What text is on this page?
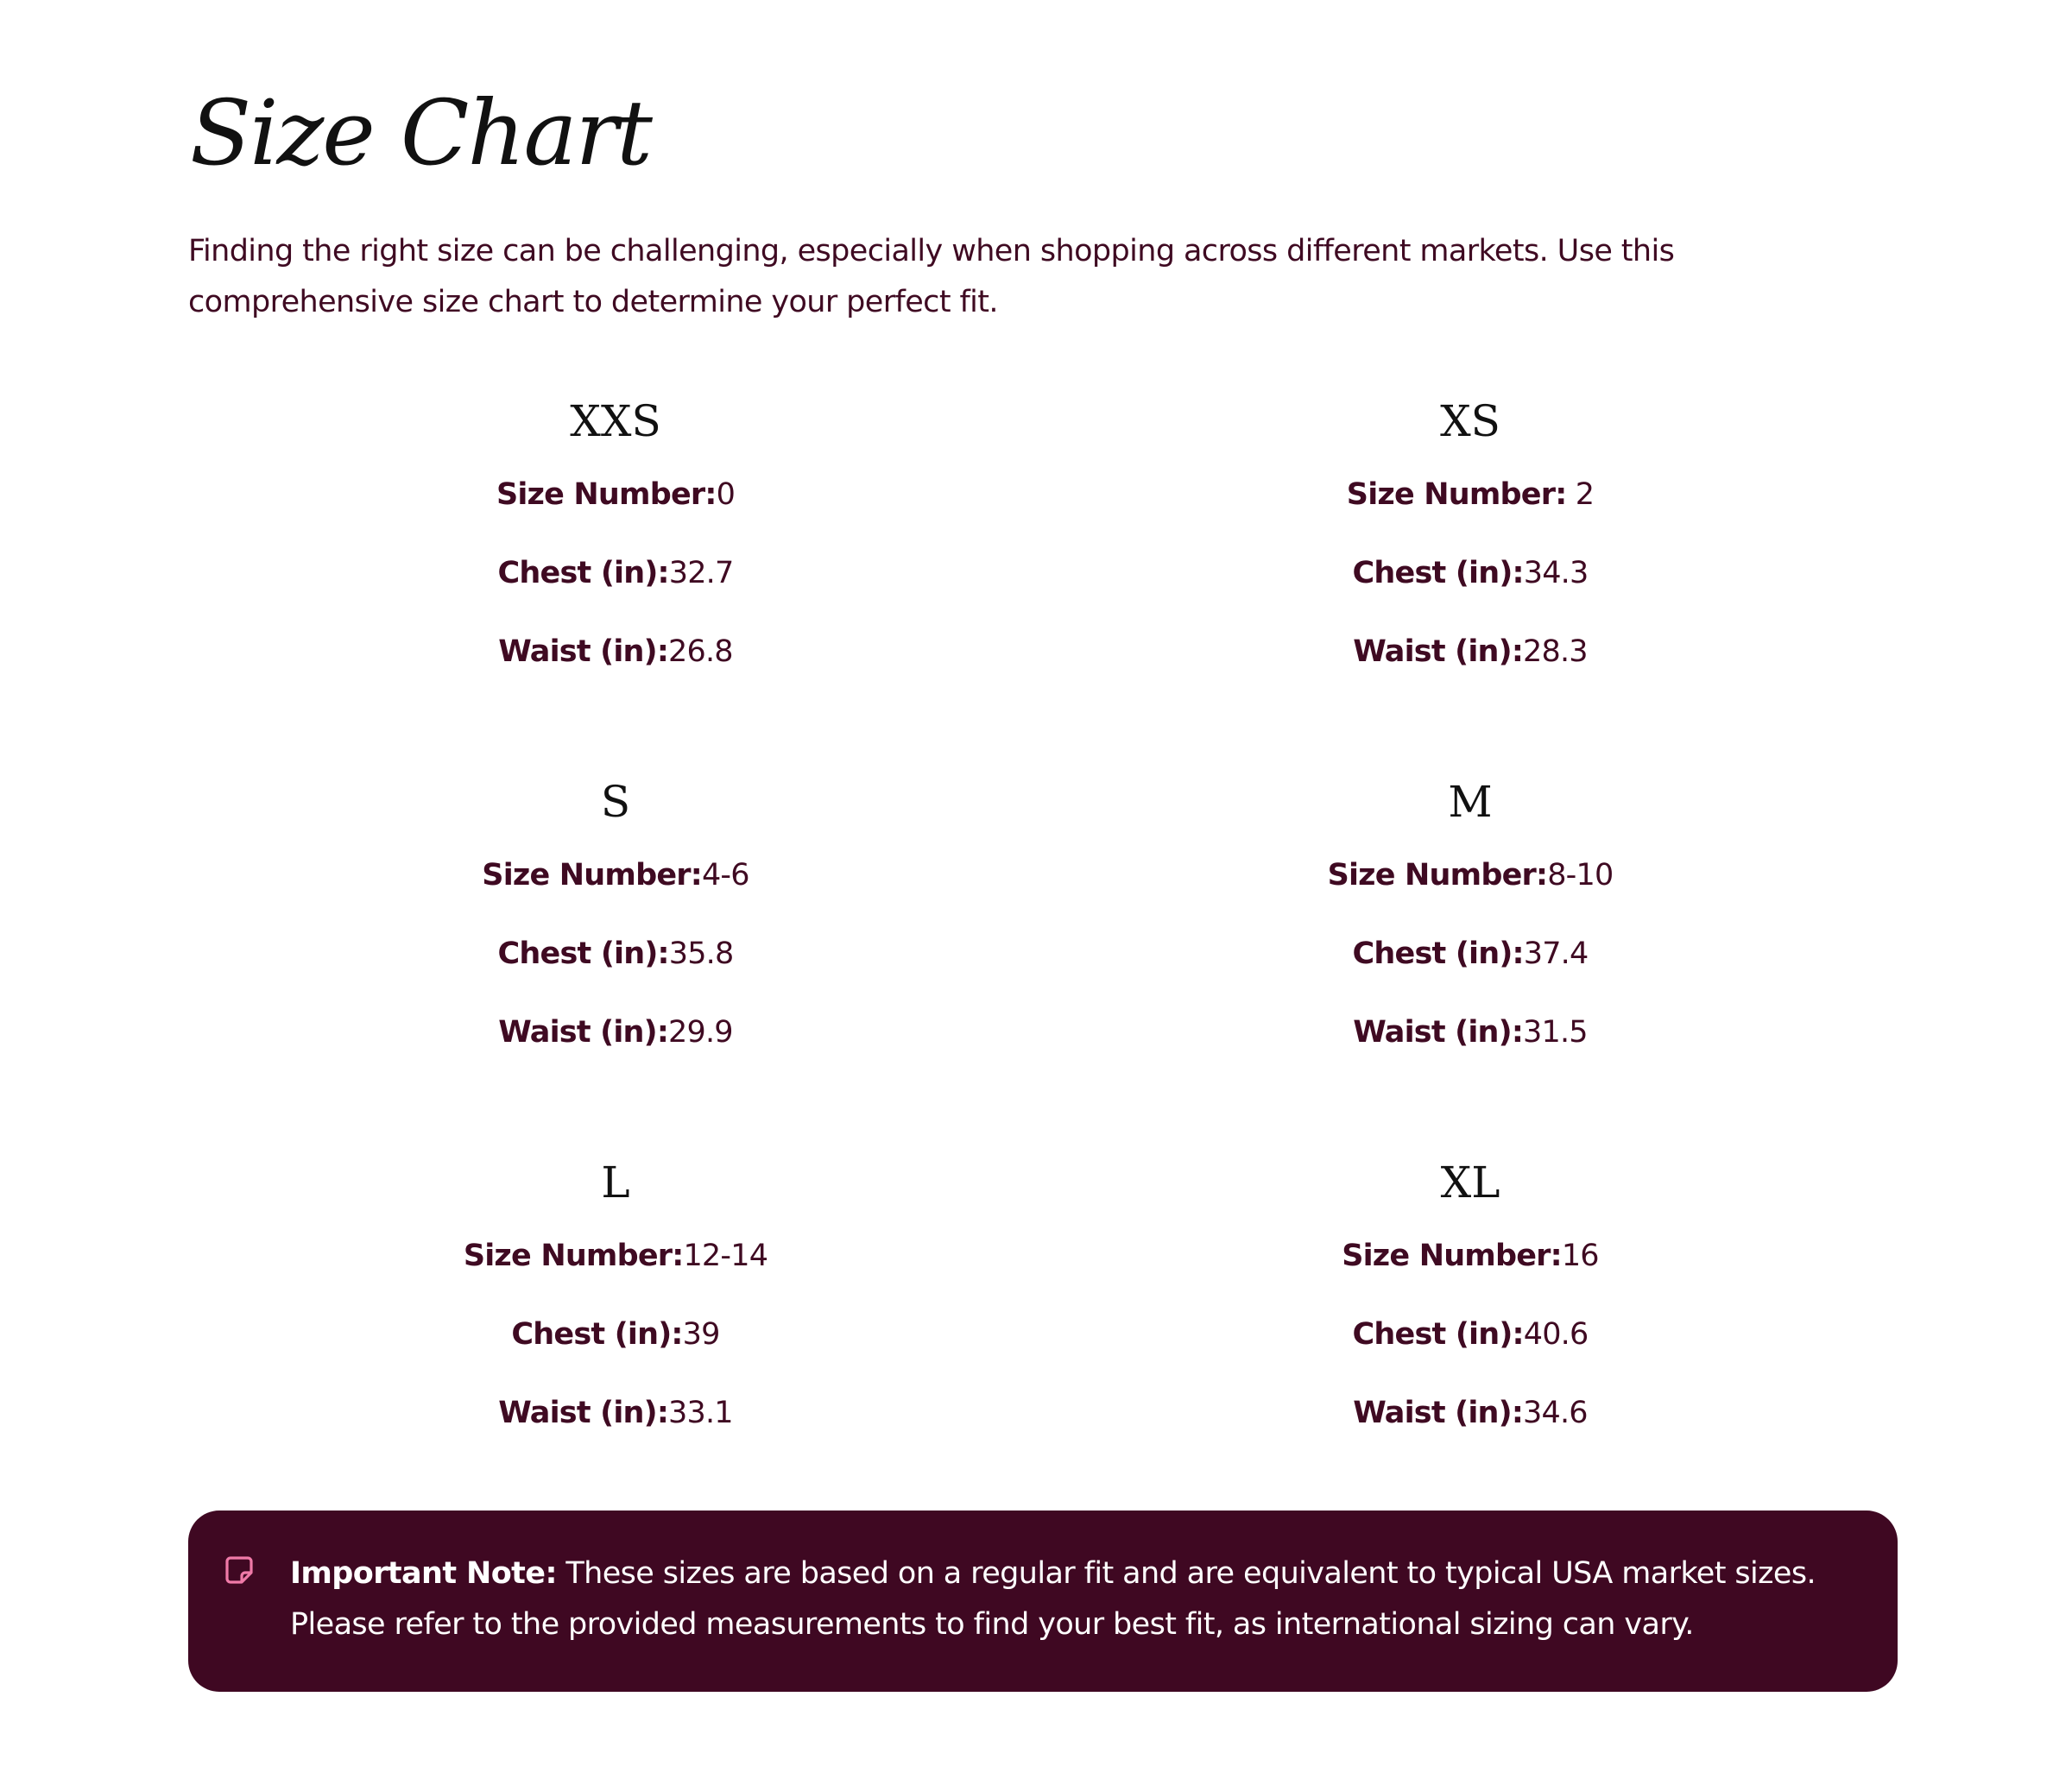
Size Chart

Finding the right size can be challenging, especially when shopping across different markets. Use this comprehensive size chart to determine your perfect fit.

XXS
Size Number:0
Chest (in):32.7
Waist (in):26.8
XS
Size Number: 2
Chest (in):34.3
Waist (in):28.3
S
Size Number:4-6
Chest (in):35.8
Waist (in):29.9
M
Size Number:8-10
Chest (in):37.4
Waist (in):31.5
L
Size Number:12-14
Chest (in):39
Waist (in):33.1
XL
Size Number:16
Chest (in):40.6
Waist (in):34.6

Important Note: These sizes are based on a regular fit and are equivalent to typical USA market sizes. Please refer to the provided measurements to find your best fit, as international sizing can vary.
